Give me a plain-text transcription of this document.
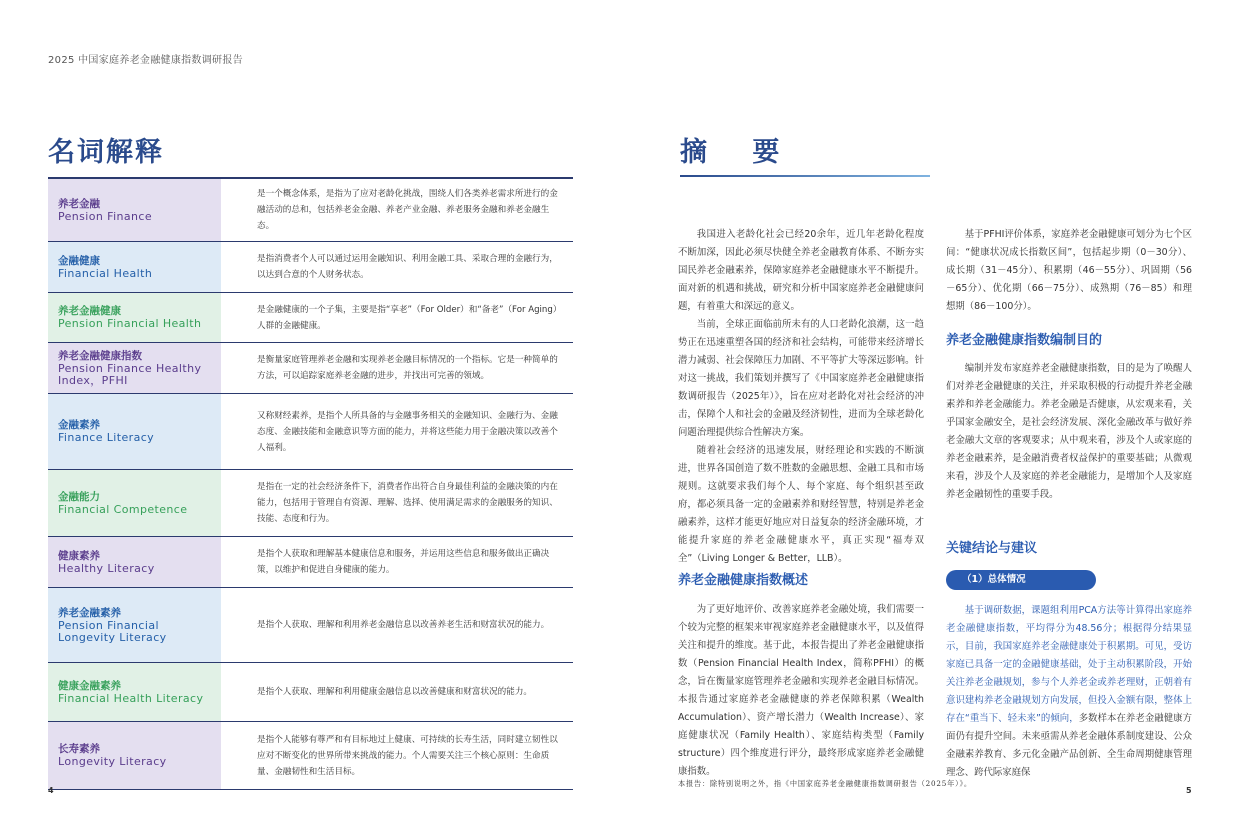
2025 中国家庭养老金融健康指数调研报告
名词解释
养老金融
Pension Finance
是一个概念体系，是指为了应对老龄化挑战，围绕人们各类养老需求所进行的金融活动的总和，包括养老金金融、养老产业金融、养老服务金融和养老金融生态。
金融健康
Financial Health
是指消费者个人可以通过运用金融知识、利用金融工具、采取合理的金融行为，以达到合意的个人财务状态。
养老金融健康
Pension Financial Health
是金融健康的一个子集，主要是指“享老”（For Older）和“备老”（For Aging）人群的金融健康。
养老金融健康指数
Pension Finance Healthy Index，PFHI
是衡量家庭管理养老金融和实现养老金融目标情况的一个指标。它是一种简单的方法，可以追踪家庭养老金融的进步，并找出可完善的领域。
金融素养
Finance Literacy
又称财经素养，是指个人所具备的与金融事务相关的金融知识、金融行为、金融态度、金融技能和金融意识等方面的能力，并将这些能力用于金融决策以改善个人福利。
金融能力
Financial Competence
是指在一定的社会经济条件下，消费者作出符合自身最佳利益的金融决策的内在能力，包括用于管理自有资源、理解、选择、使用满足需求的金融服务的知识、技能、态度和行为。
健康素养
Healthy Literacy
是指个人获取和理解基本健康信息和服务，并运用这些信息和服务做出正确决策，以维护和促进自身健康的能力。
养老金融素养
Pension Financial Longevity Literacy
是指个人获取、理解和利用养老金融信息以改善养老生活和财富状况的能力。
健康金融素养
Financial Health Literacy	是指个人获取、理解和利用健康金融信息以改善健康和财富状况的能力。
长寿素养
Longevity Literacy
是指个人能够有尊严和有目标地过上健康、可持续的长寿生活，同时建立韧性以应对不断变化的世界所带来挑战的能力。个人需要关注三个核心原则：生命质量、金融韧性和生活目标。
4
摘 要

我国进入老龄化社会已经20余年，近几年老龄化程度不断加深，因此必须尽快健全养老金融教育体系、不断夯实国民养老金融素养，保障家庭养老金融健康水平不断提升。面对新的机遇和挑战，研究和分析中国家庭养老金融健康问题，有着重大和深远的意义。

当前，全球正面临前所未有的人口老龄化浪潮，这一趋势正在迅速重塑各国的经济和社会结构，可能带来经济增长潜力减弱、社会保障压力加剧、不平等扩大等深远影响。针对这一挑战，我们策划并撰写了《中国家庭养老金融健康指数调研报告（2025年）》，旨在应对老龄化对社会经济的冲击，保障个人和社会的金融及经济韧性，进而为全球老龄化问题治理提供综合性解决方案。

随着社会经济的迅速发展，财经理论和实践的不断演进，世界各国创造了数不胜数的金融思想、金融工具和市场规则。这就要求我们每个人、每个家庭、每个组织甚至政府，都必须具备一定的金融素养和财经智慧，特别是养老金融素养，这样才能更好地应对日益复杂的经济金融环境，才能提升家庭的养老金融健康水平，真正实现“福寿双全”（Living Longer & Better，LLB）。

养老金融健康指数概述

为了更好地评价、改善家庭养老金融处境，我们需要一个较为完整的框架来审视家庭养老金融健康水平，以及值得关注和提升的维度。基于此，本报告提出了养老金融健康指数（Pension Financial Health Index，简称PFHI）的概念，旨在衡量家庭管理养老金融和实现养老金融目标情况。本报告通过家庭养老金融健康的养老保障积累（Wealth Accumulation）、资产增长潜力（Wealth Increase）、家庭健康状况（Family Health）、家庭结构类型（Family structure）四个维度进行评分，最终形成家庭养老金融健康指数。

基于PFHI评价体系，家庭养老金融健康可划分为七个区间：“健康状况成长指数区间”，包括起步期（0－30分）、成长期（31－45分）、积累期（46－55分）、巩固期（56－65分）、优化期（66－75分）、成熟期（76－85）和理想期（86－100分）。

养老金融健康指数编制目的

编制并发布家庭养老金融健康指数，目的是为了唤醒人们对养老金融健康的关注，并采取积极的行动提升养老金融素养和养老金融能力。养老金融是否健康，从宏观来看，关乎国家金融安全，是社会经济发展、深化金融改革与做好养老金融大文章的客观要求；从中观来看，涉及个人或家庭的养老金融素养，是金融消费者权益保护的重要基础；从微观来看，涉及个人及家庭的养老金融能力，是增加个人及家庭养老金融韧性的重要手段。

关键结论与建议
（1）总体情况

基于调研数据，课题组利用PCA方法等计算得出家庭养老金融健康指数，平均得分为48.56分；根据得分结果显示，目前，我国家庭养老金融健康处于积累期。可见，受访家庭已具备一定的金融健康基础，处于主动积累阶段，开始关注养老金融规划，参与个人养老金或养老理财，正朝着有意识建构养老金融规划方向发展，但投入金额有限，整体上存在“重当下、轻未来”的倾向，多数样本在养老金融健康方面仍有提升空间。未来亟需从养老金融体系制度建设、公众金融素养教育、多元化金融产品创新、全生命周期健康管理理念、跨代际家庭保

本报告：除特别说明之外，指《中国家庭养老金融健康指数调研报告（2025年）》。
5
